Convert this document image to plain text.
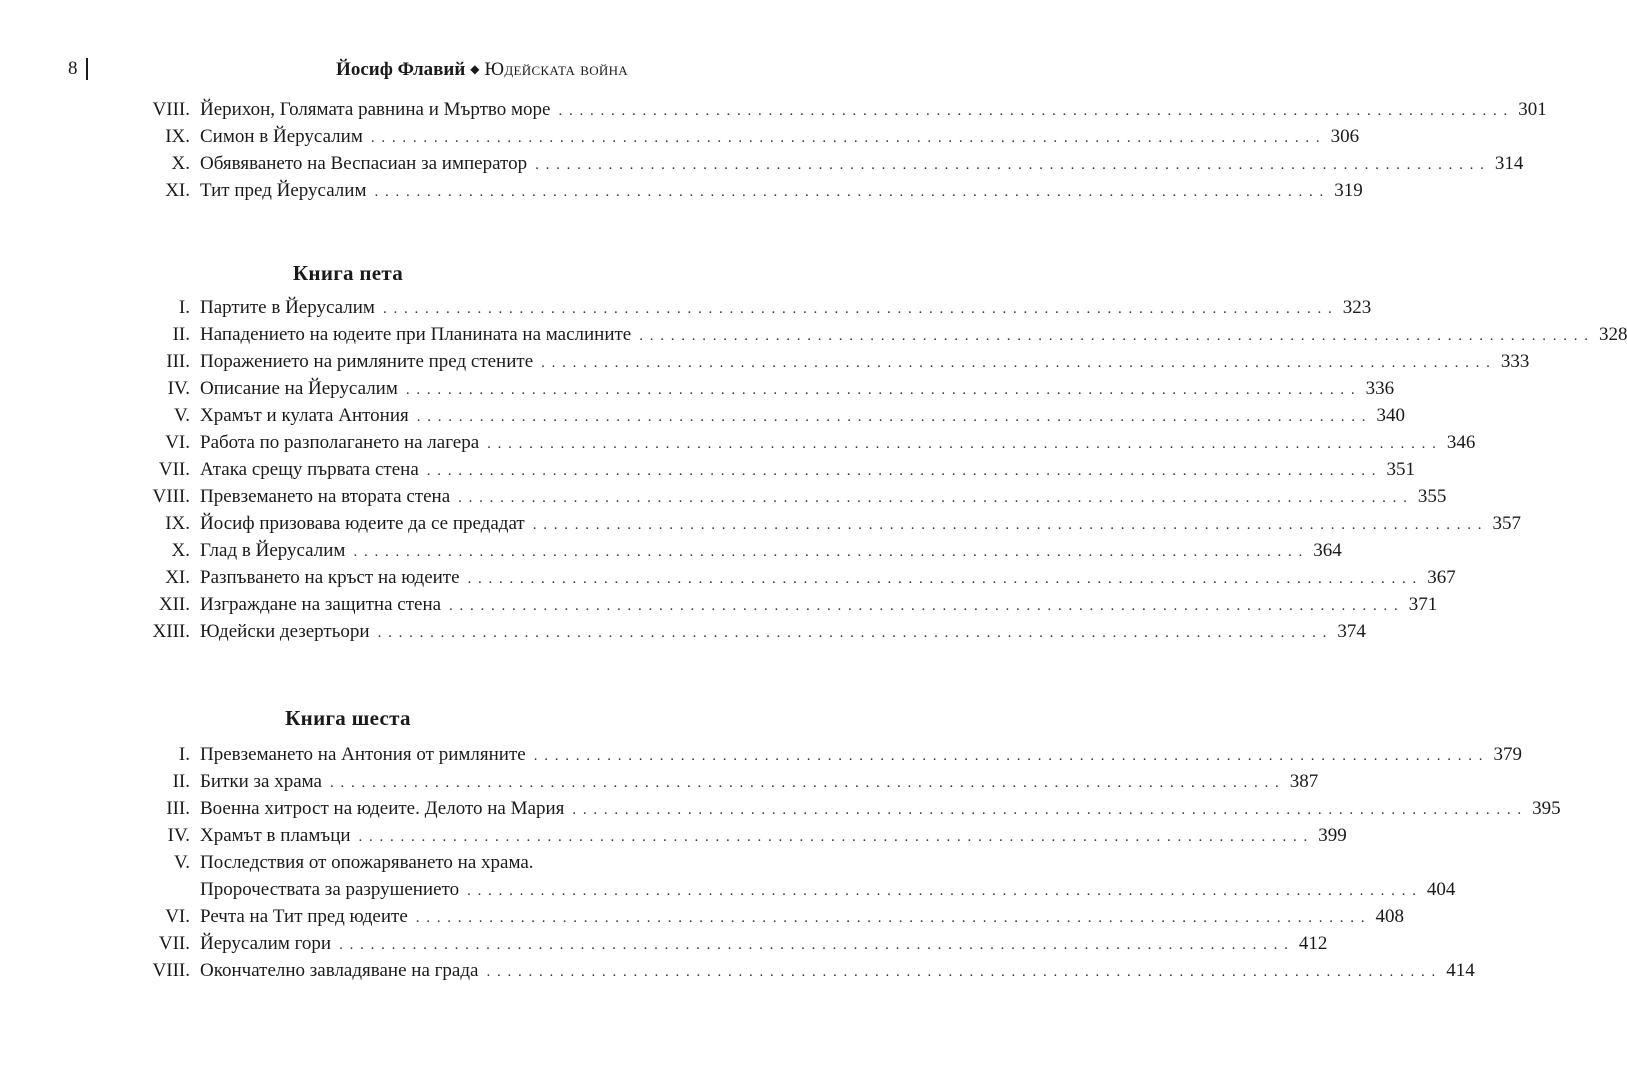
8	Йосиф Флавий ◆ Юдейската война
VIII. Йерихон, Голямата равнина и Мъртво море . . .	301
IX. Симон в Йерусалим . . .	306
X. Обявяването на Веспасиан за император . . .	314
XI. Тит пред Йерусалим . . .	319
Книга пета
I. Партите в Йерусалим . . .	323
II. Нападението на юдеите при Планината на маслините . . .	328
III. Поражението на римляните пред стените . . .	333
IV. Описание на Йерусалим . . .	336
V. Храмът и кулата Антония . . .	340
VI. Работа по разполагането на лагера . . .	346
VII. Атака срещу първата стена . . .	351
VIII. Превземането на втората стена . . .	355
IX. Йосиф призовава юдеите да се предадат . . .	357
X. Глад в Йерусалим . . .	364
XI. Разпъването на кръст на юдеите . . .	367
XII. Изграждане на защитна стена . . .	371
XIII. Юдейски дезертьори . . .	374
Книга шеста
I. Превземането на Антония от римляните . . .	379
II. Битки за храма . . .	387
III. Военна хитрост на юдеите. Делото на Мария . . .	395
IV. Храмът в пламъци . . .	399
V. Последствия от опожаряването на храма.
Пророчествата за разрушението . . .	404
VI. Речта на Тит пред юдеите . . .	408
VII. Йерусалим гори . . .	412
VIII. Окончателно завладяване на града . . .	414
